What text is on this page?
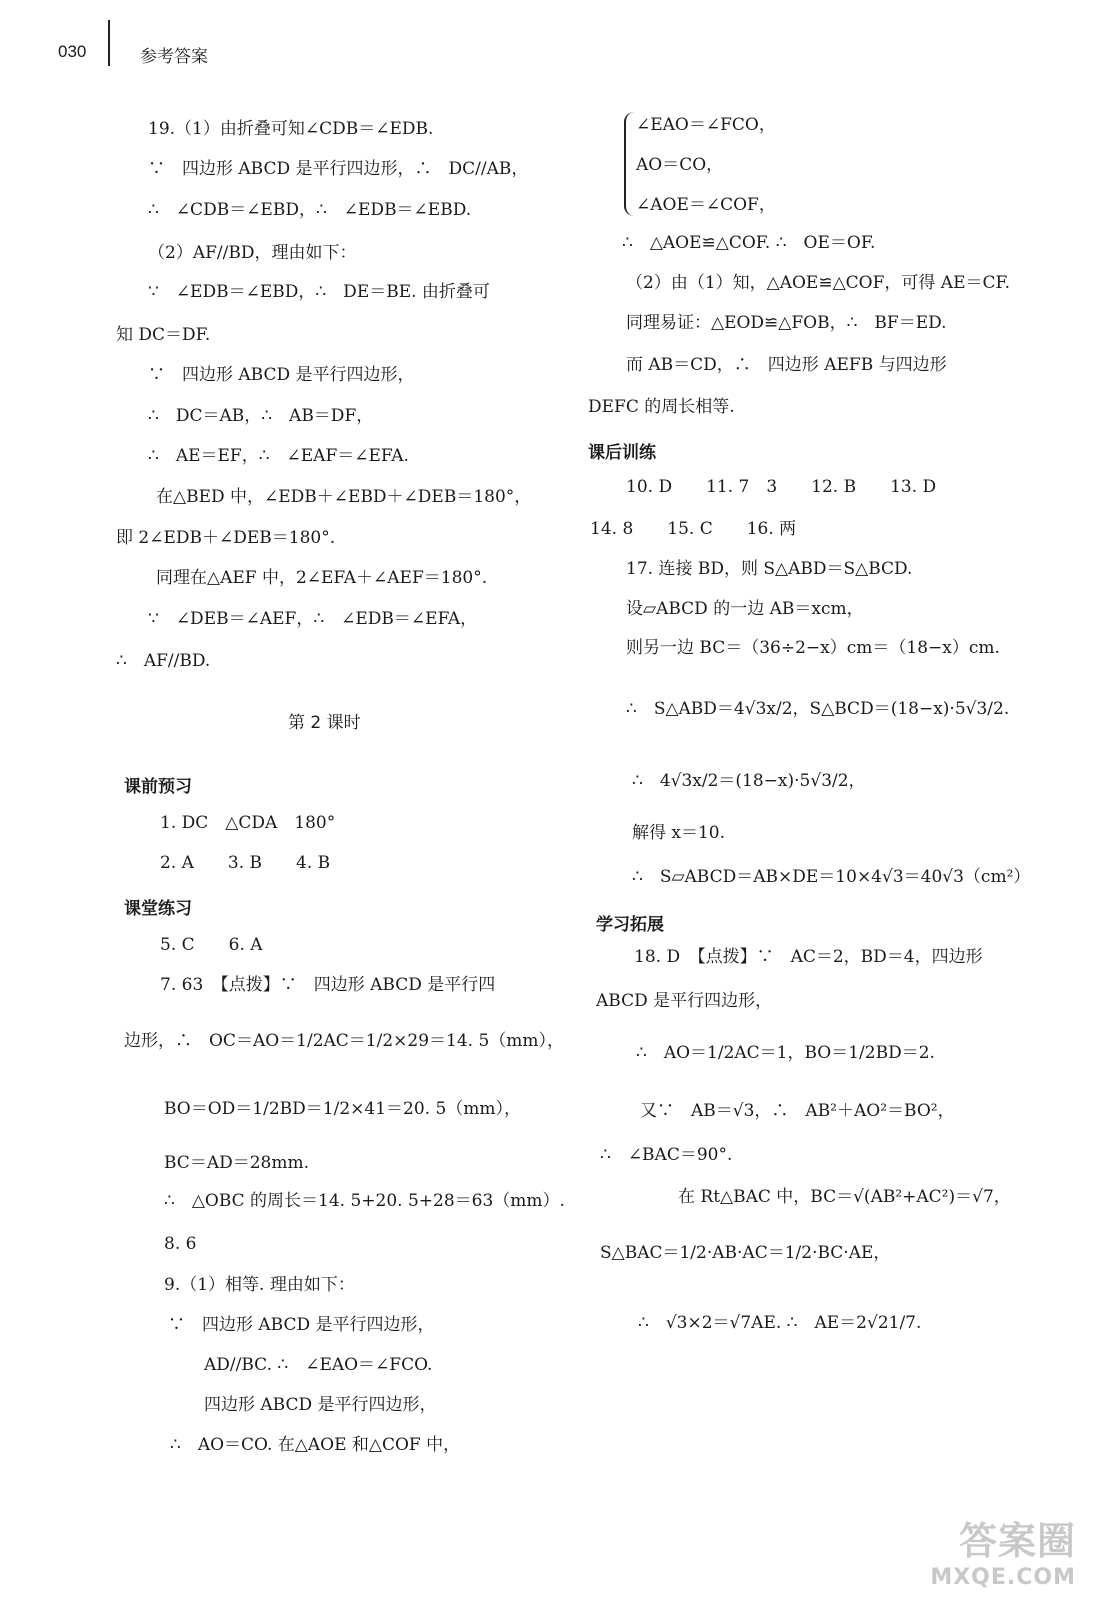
030	参考答案
19.（1）由折叠可知∠CDB＝∠EDB.
∵　四边形 ABCD 是平行四边形，∴　DC//AB，
∴　∠CDB＝∠EBD，∴　∠EDB＝∠EBD.
（2）AF//BD，理由如下：
∵　∠EDB＝∠EBD，∴　DE＝BE. 由折叠可
知 DC＝DF.
∵　四边形 ABCD 是平行四边形，
∴　DC＝AB，∴　AB＝DF，
∴　AE＝EF，∴　∠EAF＝∠EFA.
在△BED 中，∠EDB＋∠EBD＋∠DEB＝180°，
即 2∠EDB＋∠DEB＝180°.
同理在△AEF 中，2∠EFA＋∠AEF＝180°.
∵　∠DEB＝∠AEF，∴　∠EDB＝∠EFA，
∴　AF//BD.
第 2 课时
课前预习
1. DC　△CDA　180°
2. A　　3. B　　4. B
课堂练习
5. C　　6. A
7. 63　【点拨】∵　四边形 ABCD 是平行四
边形，∴　OC＝AO＝1/2AC＝1/2×29＝14. 5（mm），
BO＝OD＝1/2BD＝1/2×41＝20. 5（mm），
BC＝AD＝28mm.
∴　△OBC 的周长＝14. 5+20. 5+28＝63（mm）.
8. 6
9.（1）相等. 理由如下：
∵　四边形 ABCD 是平行四边形，
AD//BC. ∴　∠EAO＝∠FCO.
四边形 ABCD 是平行四边形，
∴　AO＝CO. 在△AOE 和△COF 中，
∠EAO＝∠FCO，
AO＝CO，
∠AOE＝∠COF，
∴　△AOE≌△COF. ∴　OE＝OF.
（2）由（1）知，△AOE≌△COF，可得 AE＝CF.
同理易证：△EOD≌△FOB，∴　BF＝ED.
而 AB＝CD，∴　四边形 AEFB 与四边形
DEFC 的周长相等.
课后训练
10. D　　11. 7　3　　12. B　　13. D
14. 8　　15. C　　16. 两
17. 连接 BD，则 S△ABD＝S△BCD.
设▱ABCD 的一边 AB＝xcm，
则另一边 BC＝（36÷2−x）cm＝（18−x）cm.
∴　S△ABD＝4√3x/2，S△BCD＝(18−x)·5√3/2.
∴　4√3x/2＝(18−x)·5√3/2，
解得 x＝10.
∴　S▱ABCD＝AB×DE＝10×4√3＝40√3（cm²）
学习拓展
18. D　【点拨】∵　AC＝2，BD＝4，四边形
ABCD 是平行四边形，
∴　AO＝1/2AC＝1，BO＝1/2BD＝2.
又∵　AB＝√3，∴　AB²＋AO²＝BO²，
∴　∠BAC＝90°.
在 Rt△BAC 中，BC＝√(AB²+AC²)＝√7，
S△BAC＝1/2·AB·AC＝1/2·BC·AE，
∴　√3×2＝√7AE. ∴　AE＝2√21/7.
答案圈
MXQE.COM
